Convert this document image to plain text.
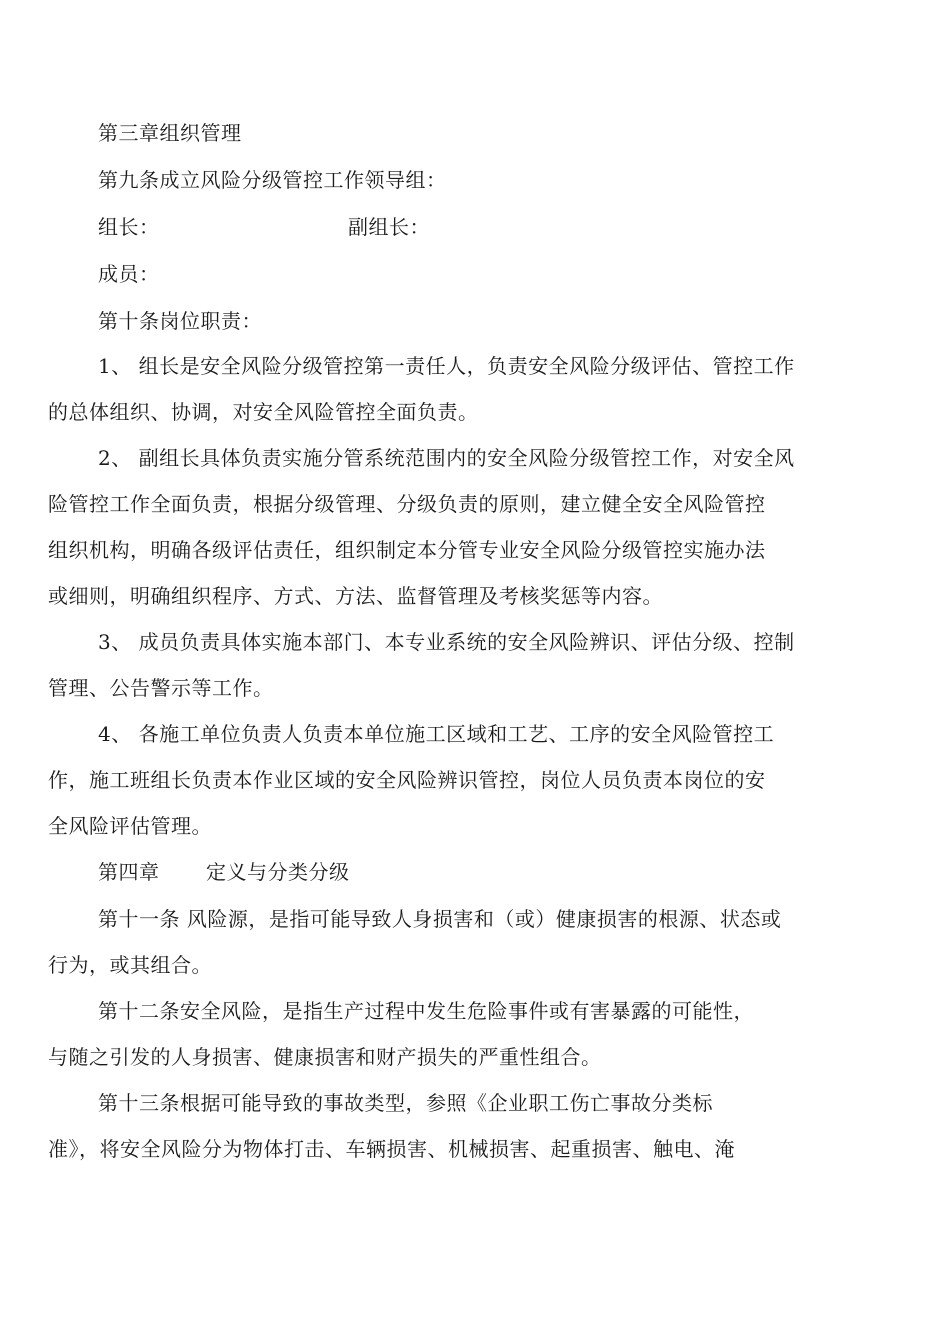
第三章组织管理
第九条成立风险分级管控工作领导组：
组长：	副组长：
成员：
第十条岗位职责：
1、 组长是安全风险分级管控第一责任人，负责安全风险分级评估、管控工作
的总体组织、协调，对安全风险管控全面负责。
2、 副组长具体负责实施分管系统范围内的安全风险分级管控工作，对安全风
险管控工作全面负责，根据分级管理、分级负责的原则，建立健全安全风险管控
组织机构，明确各级评估责任，组织制定本分管专业安全风险分级管控实施办法
或细则，明确组织程序、方式、方法、监督管理及考核奖惩等内容。
3、 成员负责具体实施本部门、本专业系统的安全风险辨识、评估分级、控制
管理、公告警示等工作。
4、 各施工单位负责人负责本单位施工区域和工艺、工序的安全风险管控工
作，施工班组长负责本作业区域的安全风险辨识管控，岗位人员负责本岗位的安
全风险评估管理。
第四章 定义与分类分级
第十一条 风险源，是指可能导致人身损害和（或）健康损害的根源、状态或
行为，或其组合。
第十二条安全风险，是指生产过程中发生危险事件或有害暴露的可能性，
与随之引发的人身损害、健康损害和财产损失的严重性组合。
第十三条根据可能导致的事故类型，参照《企业职工伤亡事故分类标
准》，将安全风险分为物体打击、车辆损害、机械损害、起重损害、触电、淹
